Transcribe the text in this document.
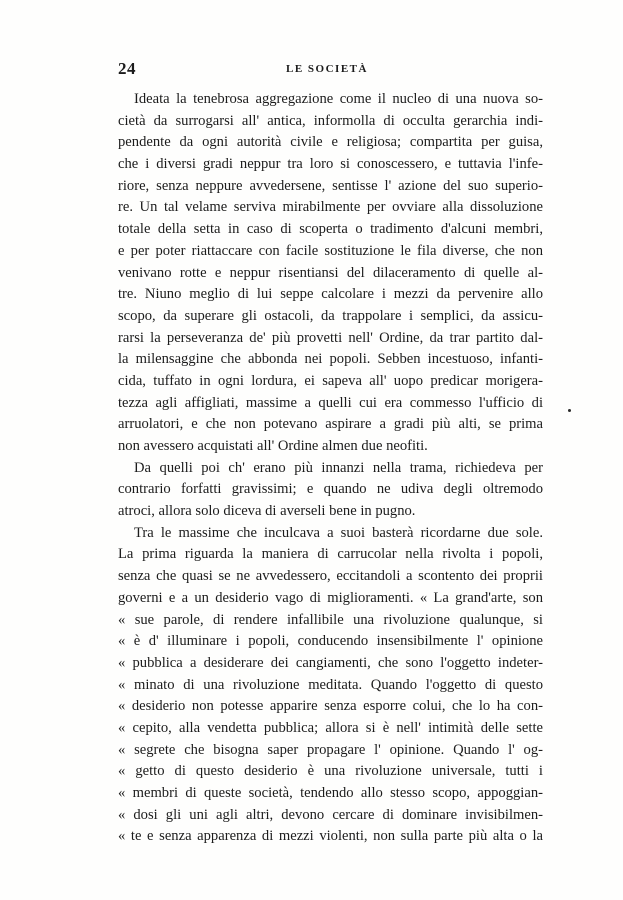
24	LE SOCIETÀ
Ideata la tenebrosa aggregazione come il nucleo di una nuova so-
cietà da surrogarsi all' antica, informolla di occulta gerarchia indi-
pendente da ogni autorità civile e religiosa; compartita per guisa,
che i diversi gradi neppur tra loro si conoscessero, e tuttavia l'infe-
riore, senza neppure avvedersene, sentisse l' azione del suo superio-
re. Un tal velame serviva mirabilmente per ovviare alla dissoluzione
totale della setta in caso di scoperta o tradimento d'alcuni membri,
e per poter riattaccare con facile sostituzione le fila diverse, che non
venivano rotte e neppur risentiansi del dilaceramento di quelle al-
tre. Niuno meglio di lui seppe calcolare i mezzi da pervenire allo
scopo, da superare gli ostacoli, da trappolare i semplici, da assicu-
rarsi la perseveranza de' più provetti nell' Ordine, da trar partito dal-
la milensaggine che abbonda nei popoli. Sebben incestuoso, infanti-
cida, tuffato in ogni lordura, ei sapeva all' uopo predicar morigera-
tezza agli affigliati, massime a quelli cui era commesso l'ufficio di
arruolatori, e che non potevano aspirare a gradi più alti, se prima
non avessero acquistati all' Ordine almen due neofiti.
Da quelli poi ch' erano più innanzi nella trama, richiedeva per
contrario forfatti gravissimi; e quando ne udiva degli oltremodo
atroci, allora solo diceva di averseli bene in pugno.
Tra le massime che inculcava a suoi basterà ricordarne due sole.
La prima riguarda la maniera di carrucolar nella rivolta i popoli,
senza che quasi se ne avvedessero, eccitandoli a scontento dei proprii
governi e a un desiderio vago di miglioramenti. « La grand'arte, son
« sue parole, di rendere infallibile una rivoluzione qualunque, si
« è d' illuminare i popoli, conducendo insensibilmente l' opinione
« pubblica a desiderare dei cangiamenti, che sono l'oggetto indeter-
« minato di una rivoluzione meditata. Quando l'oggetto di questo
« desiderio non potesse apparire senza esporre colui, che lo ha con-
« cepito, alla vendetta pubblica; allora si è nell' intimità delle sette
« segrete che bisogna saper propagare l' opinione. Quando l' og-
« getto di questo desiderio è una rivoluzione universale, tutti i
« membri di queste società, tendendo allo stesso scopo, appoggian-
« dosi gli uni agli altri, devono cercare di dominare invisibilmen-
« te e senza apparenza di mezzi violenti, non sulla parte più alta o la
